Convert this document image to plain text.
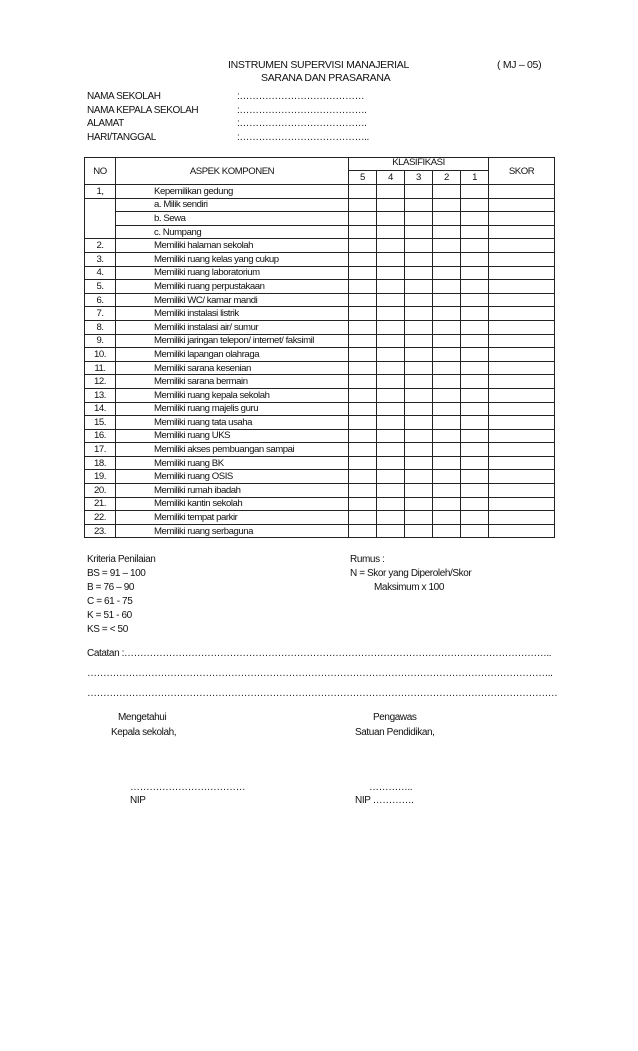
INSTRUMEN SUPERVISI MANAJERIAL
SARANA DAN PRASARANA
( MJ – 05)
NAMA SEKOLAH	:…………………………………
NAMA KEPALA SEKOLAH	:………………………………….
ALAMAT	:………………………………….
HARI/TANGGAL	:…………………………………..
NO	ASPEK KOMPONEN	KLASIFIKASI					SKOR
		5	4	3	2	1	
1,	Kepemilikan gedung						
	a. Milik sendiri						
	b. Sewa						
	c. Numpang						
2.	Memiliki halaman sekolah						
3.	Memiliki ruang kelas yang cukup						
4.	Memiliki ruang laboratorium						
5.	Memiliki ruang perpustakaan						
6.	Memiliki WC/ kamar mandi						
7.	Memiliki instalasi listrik						
8.	Memiliki instalasi air/ sumur						
9.	Memiliki jaringan telepon/ internet/ faksimil						
10.	Memiliki lapangan olahraga						
11.	Memiliki sarana kesenian						
12.	Memiliki sarana bermain						
13.	Memiliki ruang kepala sekolah						
14.	Memiliki ruang majelis guru						
15.	Memiliki ruang tata usaha						
16.	Memiliki ruang UKS						
17.	Memiliki akses pembuangan sampai						
18.	Memiliki ruang BK						
19.	Memiliki ruang OSIS						
20.	Memiliki rumah ibadah						
21.	Memiliki kantin sekolah						
22.	Memiliki tempat parkir						
23.	Memiliki ruang serbaguna						
Kriteria Penilaian
BS = 91 – 100
B = 76 – 90
C = 61 - 75
K = 51 - 60
KS = < 50
Rumus :
N = Skor yang Diperoleh/Skor
Maksimum x 100
Catatan :……………………………………………………………………………………………………………………..
………………………………………………………………………………………………………………………………..
…………………………………………………………………………………………………………………………………
Mengetahui
Kepala sekolah,
………………………………
NIP
Pengawas
Satuan Pendidikan,
…………..
NIP ………….
